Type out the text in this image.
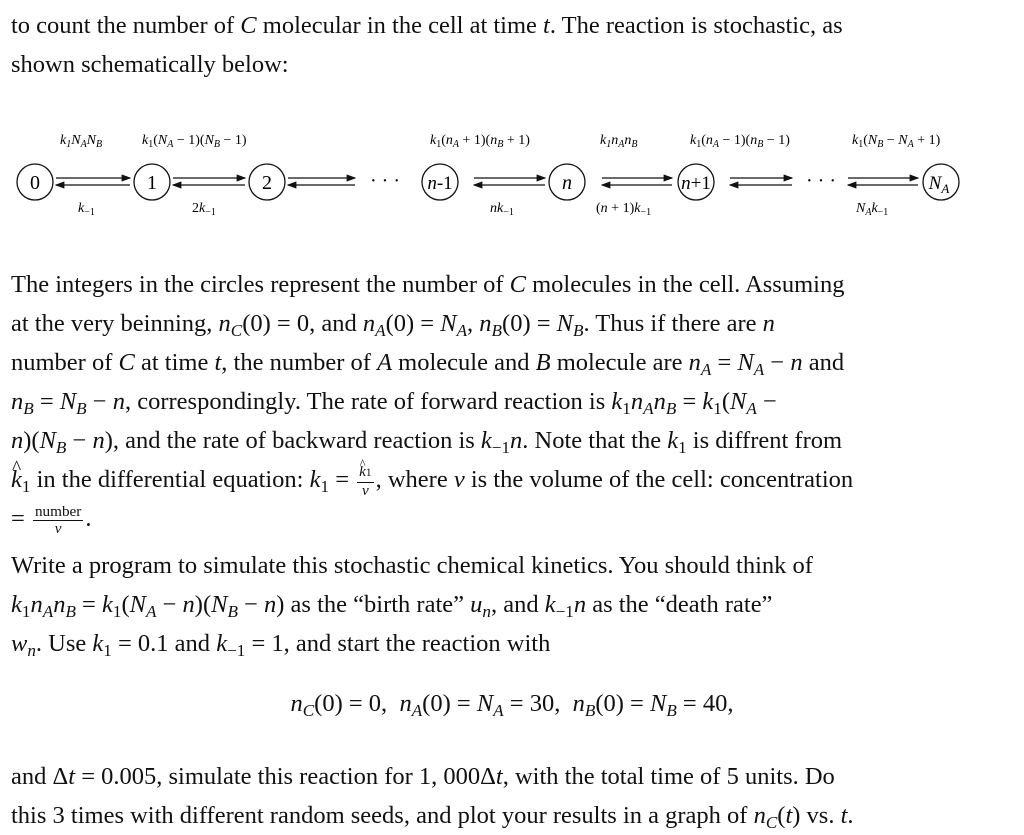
to count the number of C molecular in the cell at time t. The reaction is stochastic, as
shown schematically below:
$k_1N_AN_B$	$k_1(N_A - 1)(N_B - 1)$	$k_1(n_A + 1)(n_B + 1)$	$k_1n_An_B$	$k_1(n_A - 1)(n_B - 1)$	$k_1(N_B - N_A + 1)$
0	1	2	n-1	n	n+1	$N_A$
· · ·	· · ·
$k_{-1}$	$2k_{-1}$	$nk_{-1}$	$(n + 1)k_{-1}$	$N_Ak_{-1}$
The integers in the circles represent the number of C molecules in the cell. Assuming
at the very beinning, $n_C(0) = 0$, and $n_A(0) = N_A$, $n_B(0) = N_B$. Thus if there are n
number of C at time t, the number of A molecule and B molecule are $n_A = N_A - n$ and
$n_B = N_B - n$, correspondingly. The rate of forward reaction is $k_1n_An_B = k_1(N_A$ −
$n)(N_B - n)$, and the rate of backward reaction is $k_{-1}n$. Note that the $k_1$ is diffrent from
^ $k_1$ in the differential equation: $k_1$ =
^ $\frac{k1}{v}$ , where v is the volume of the cell: concentration
= $\frac{\text{number}}{v}$ .
Write a program to simulate this stochastic chemical kinetics. You should think of
$k_1n_An_B = k_1(N_A - n)(N_B - n)$ as the “birth rate” $u_n$, and $k_{-1}n$ as the “death rate”
$w_n$. Use $k_1 = 0.1$ and $k_{-1} = 1$, and start the reaction with
$n_C(0) = 0$,  $n_A(0) = N_A = 30$,  $n_B(0) = N_B = 40$,
and Δt = 0.005, simulate this reaction for 1, 000Δt, with the total time of 5 units. Do
this 3 times with different random seeds, and plot your results in a graph of $n_C(t)$ vs. t.
